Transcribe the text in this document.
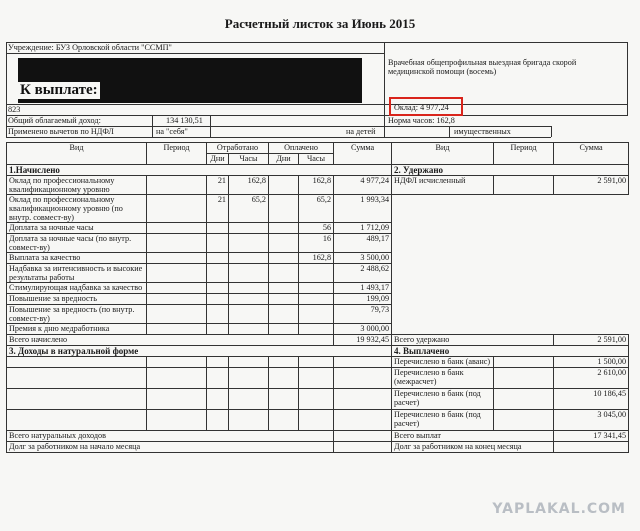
Расчетный листок за Июнь 2015
Учреждение: БУЗ Орловской области "ССМП"
К выплате:
823
Врачебная общепрофильная выездная бригада скорой медицинской помощи (восемь)
Оклад: 4 977,24
Общий облагаемый доход:	134 130,51	Норма часов: 162,8
Применено вычетов по НДФЛ	на "себя"	на детей	имущественных
Вид	Период	Отработано		Оплачено		Сумма	Вид	Период	Сумма
		Дни	Часы	Дни	Часы				
1.Начислено							2. Удержано		
Оклад по профессиональному квалификационному уровню		21	162,8		162,8	4 977,24	НДФЛ исчисленный		2 591,00
Оклад по профессиональному квалификационному уровню (по внутр. совмест-ву)		21	65,2		65,2	1 993,34			
Доплата за ночные часы					56	1 712,09			
Доплата за ночные часы (по внутр. совмест-ву)					16	489,17			
Выплата за качество					162,8	3 500,00			
Надбавка за интенсивность и высокие результаты работы						2 488,62			
Стимулирующая надбавка за качество						1 493,17			
Повышение за вредность						199,09			
Повышение за вредность (по внутр. совмест-ву)						79,73			
Премия к дню медработника						3 000,00			
Всего начислено						19 932,45	Всего удержано		2 591,00
3. Доходы в натуральной форме							4. Выплачено		
							Перечислено в банк (аванс)		1 500,00
							Перечислено в банк (межрасчет)		2 610,00
							Перечислено в банк (под расчет)		10 186,45
							Перечислено в банк (под расчет)		3 045,00
Всего натуральных доходов							Всего выплат		17 341,45
Долг за работником на начало месяца							Долг за работником на конец месяца		
YAPLAKAL.COM
